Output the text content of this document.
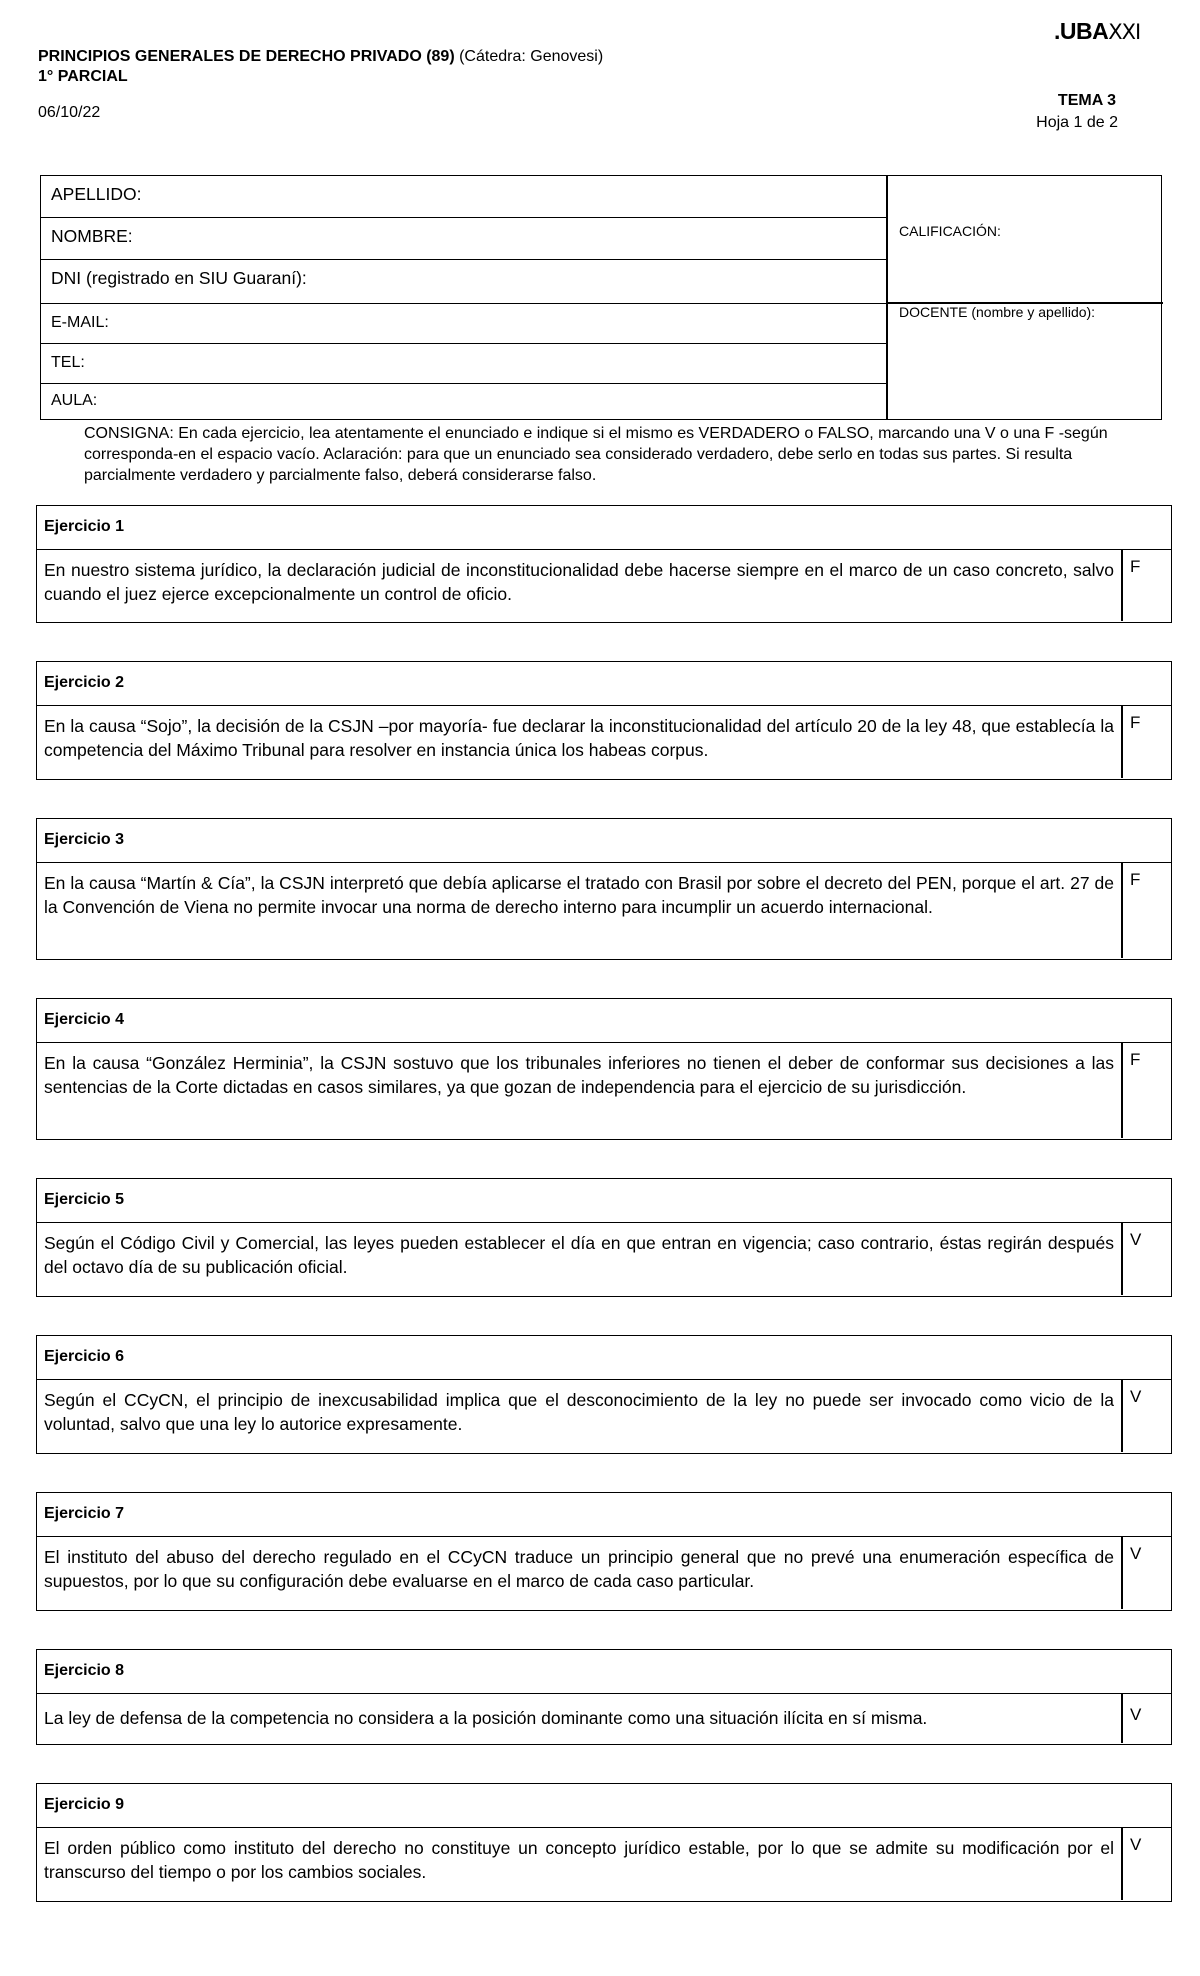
PRINCIPIOS GENERALES DE DERECHO PRIVADO (89) (Cátedra: Genovesi)
1° PARCIAL
06/10/22
.UBAXXI
TEMA 3
Hoja 1 de 2
APELLIDO:
NOMBRE:
DNI (registrado en SIU Guaraní):
E-MAIL:
TEL:
AULA:
CALIFICACIÓN:
DOCENTE (nombre y apellido):
CONSIGNA: En cada ejercicio, lea atentamente el enunciado e indique si el mismo es VERDADERO o FALSO, marcando una V o una F -según corresponda-en el espacio vacío. Aclaración: para que un enunciado sea considerado verdadero, debe serlo en todas sus partes. Si resulta parcialmente verdadero y parcialmente falso, deberá considerarse falso.
Ejercicio 1
En nuestro sistema jurídico, la declaración judicial de inconstitucionalidad debe hacerse siempre en el marco de un caso concreto, salvo cuando el juez ejerce excepcionalmente un control de oficio.
F
Ejercicio 2
En la causa “Sojo”, la decisión de la CSJN –por mayoría- fue declarar la inconstitucionalidad del artículo 20 de la ley 48, que establecía la competencia del Máximo Tribunal para resolver en instancia única los habeas corpus.
F
Ejercicio 3
En la causa “Martín & Cía”, la CSJN interpretó que debía aplicarse el tratado con Brasil por sobre el decreto del PEN, porque el art. 27 de la Convención de Viena no permite invocar una norma de derecho interno para incumplir un acuerdo internacional.
F
Ejercicio 4
En la causa “González Herminia”, la CSJN sostuvo que los tribunales inferiores no tienen el deber de conformar sus decisiones a las sentencias de la Corte dictadas en casos similares, ya que gozan de independencia para el ejercicio de su jurisdicción.
F
Ejercicio 5
Según el Código Civil y Comercial, las leyes pueden establecer el día en que entran en vigencia; caso contrario, éstas regirán después del octavo día de su publicación oficial.
V
Ejercicio 6
Según el CCyCN, el principio de inexcusabilidad implica que el desconocimiento de la ley no puede ser invocado como vicio de la voluntad, salvo que una ley lo autorice expresamente.
V
Ejercicio 7
El instituto del abuso del derecho regulado en el CCyCN traduce un principio general que no prevé una enumeración específica de supuestos, por lo que su configuración debe evaluarse en el marco de cada caso particular.
V
Ejercicio 8
La ley de defensa de la competencia no considera a la posición dominante como una situación ilícita en sí misma.	V
Ejercicio 9
El orden público como instituto del derecho no constituye un concepto jurídico estable, por lo que se admite su modificación por el transcurso del tiempo o por los cambios sociales.
V
